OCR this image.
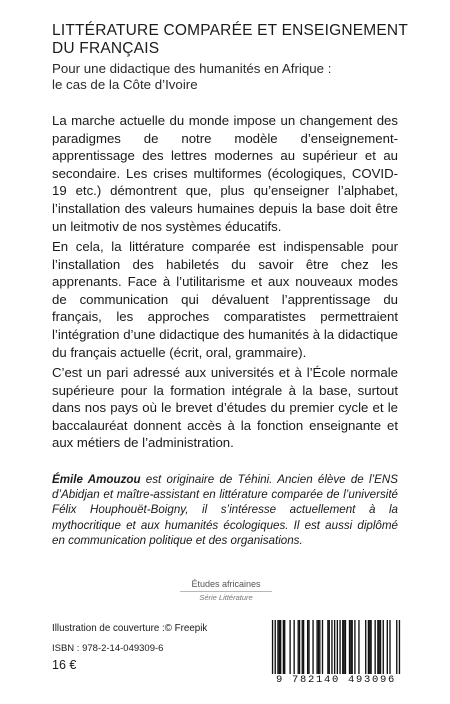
LITTÉRATURE COMPARÉE ET ENSEIGNEMENT DU FRANÇAIS
Pour une didactique des humanités en Afrique :
le cas de la Côte d’Ivoire

La marche actuelle du monde impose un changement des paradigmes de notre modèle d’enseignement-apprentissage des lettres modernes au supérieur et au secondaire. Les crises multiformes (écologiques, COVID-19 etc.) démontrent que, plus qu’enseigner l’alphabet, l’installation des valeurs humaines depuis la base doit être un leitmotiv de nos systèmes éducatifs.

En cela, la littérature comparée est indispensable pour l’installation des habiletés du savoir être chez les apprenants. Face à l’utilitarisme et aux nouveaux modes de communication qui dévaluent l’apprentissage du français, les approches comparatistes permettraient l’intégration d’une didactique des humanités à la didactique du français actuelle (écrit, oral, grammaire).

C’est un pari adressé aux universités et à l’École normale supérieure pour la formation intégrale à la base, surtout dans nos pays où le brevet d’études du premier cycle et le baccalauréat donnent accès à la fonction enseignante et aux métiers de l’administration.

Émile Amouzou est originaire de Téhini. Ancien élève de l’ENS d’Abidjan et maître-assistant en littérature comparée de l’université Félix Houphouët-Boigny, il s’intéresse actuellement à la mythocritique et aux humanités écologiques. Il est aussi diplômé en communication politique et des organisations.

Études africaines
Série Littérature
Illustration de couverture :© Freepik
ISBN : 978-2-14-049309-6
16 €
9 782140 493096
